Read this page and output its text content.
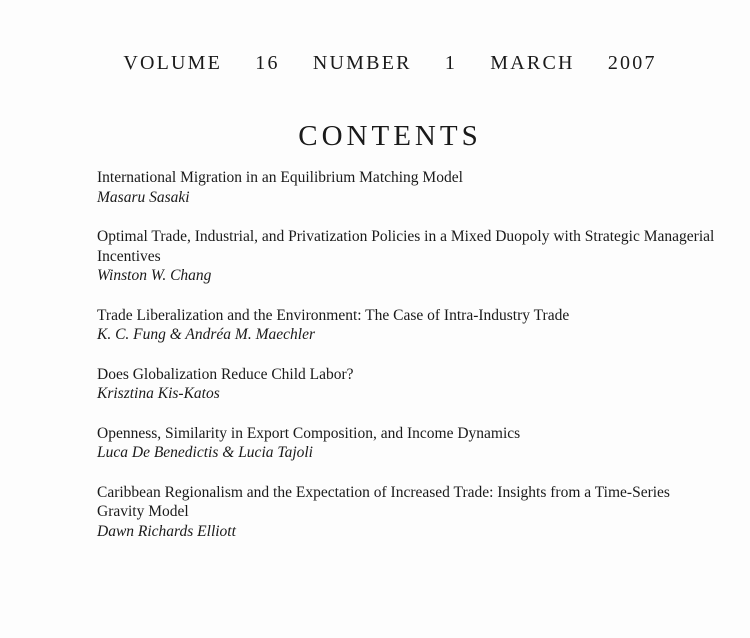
VOLUME 16 NUMBER 1 MARCH 2007
CONTENTS
International Migration in an Equilibrium Matching Model
Masaru Sasaki
Optimal Trade, Industrial, and Privatization Policies in a Mixed Duopoly with Strategic Managerial Incentives
Winston W. Chang
Trade Liberalization and the Environment: The Case of Intra-Industry Trade
K. C. Fung & Andréa M. Maechler
Does Globalization Reduce Child Labor?
Krisztina Kis-Katos
Openness, Similarity in Export Composition, and Income Dynamics
Luca De Benedictis & Lucia Tajoli
Caribbean Regionalism and the Expectation of Increased Trade: Insights from a Time-Series Gravity Model
Dawn Richards Elliott
